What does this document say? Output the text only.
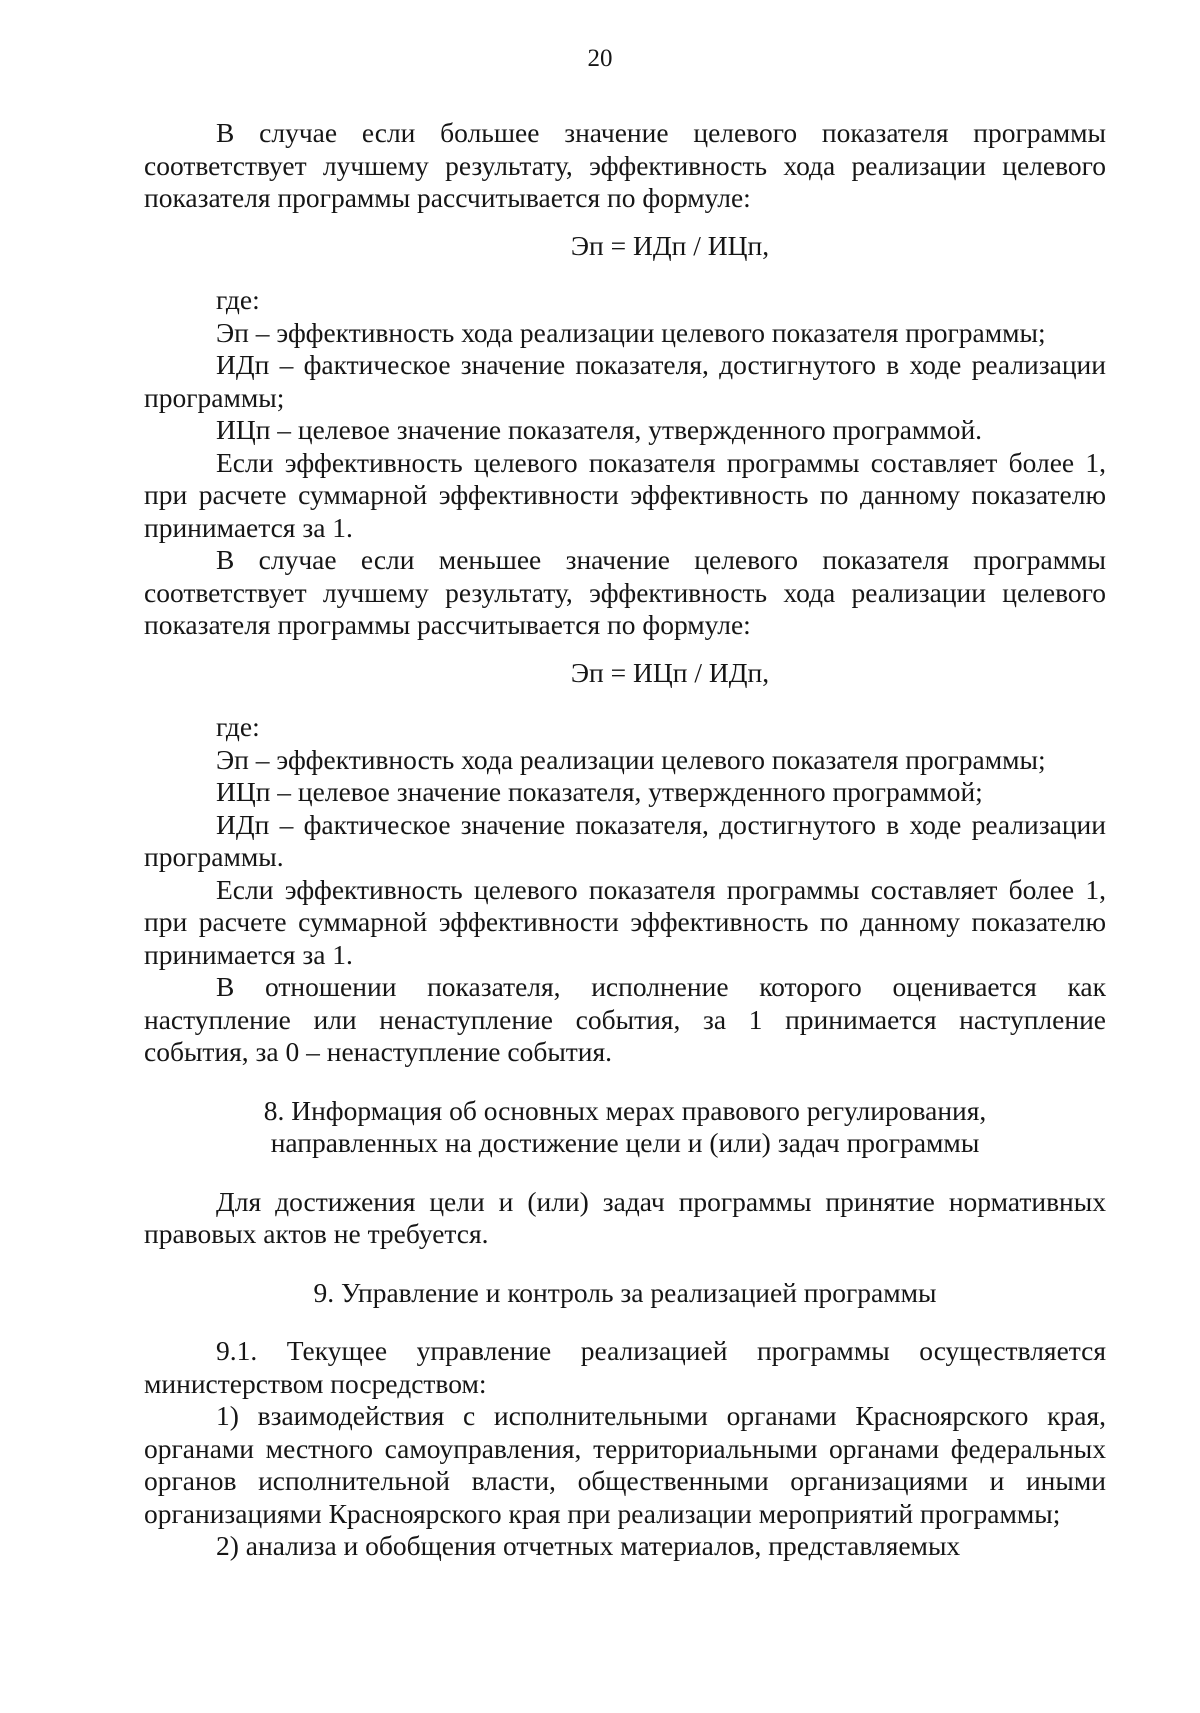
20

В случае если большее значение целевого показателя программы соответствует лучшему результату, эффективность хода реализации целевого показателя программы рассчитывается по формуле:

Эп = ИДп / ИЦп,

где:

Эп – эффективность хода реализации целевого показателя программы;

ИДп – фактическое значение показателя, достигнутого в ходе реализации программы;

ИЦп – целевое значение показателя, утвержденного программой.

Если эффективность целевого показателя программы составляет более 1, при расчете суммарной эффективности эффективность по данному показателю принимается за 1.

В случае если меньшее значение целевого показателя программы соответствует лучшему результату, эффективность хода реализации целевого показателя программы рассчитывается по формуле:

Эп = ИЦп / ИДп,

где:

Эп – эффективность хода реализации целевого показателя программы;

ИЦп – целевое значение показателя, утвержденного программой;

ИДп – фактическое значение показателя, достигнутого в ходе реализации программы.

Если эффективность целевого показателя программы составляет более 1, при расчете суммарной эффективности эффективность по данному показателю принимается за 1.

В отношении показателя, исполнение которого оценивается как наступление или ненаступление события, за 1 принимается наступление события, за 0 – ненаступление события.

8. Информация об основных мерах правового регулирования,
направленных на достижение цели и (или) задач программы

Для достижения цели и (или) задач программы принятие нормативных правовых актов не требуется.

9. Управление и контроль за реализацией программы

9.1. Текущее управление реализацией программы осуществляется министерством посредством:

1) взаимодействия с исполнительными органами Красноярского края, органами местного самоуправления, территориальными органами федеральных органов исполнительной власти, общественными организациями и иными организациями Красноярского края при реализации мероприятий программы;

2) анализа и обобщения отчетных материалов, представляемых
